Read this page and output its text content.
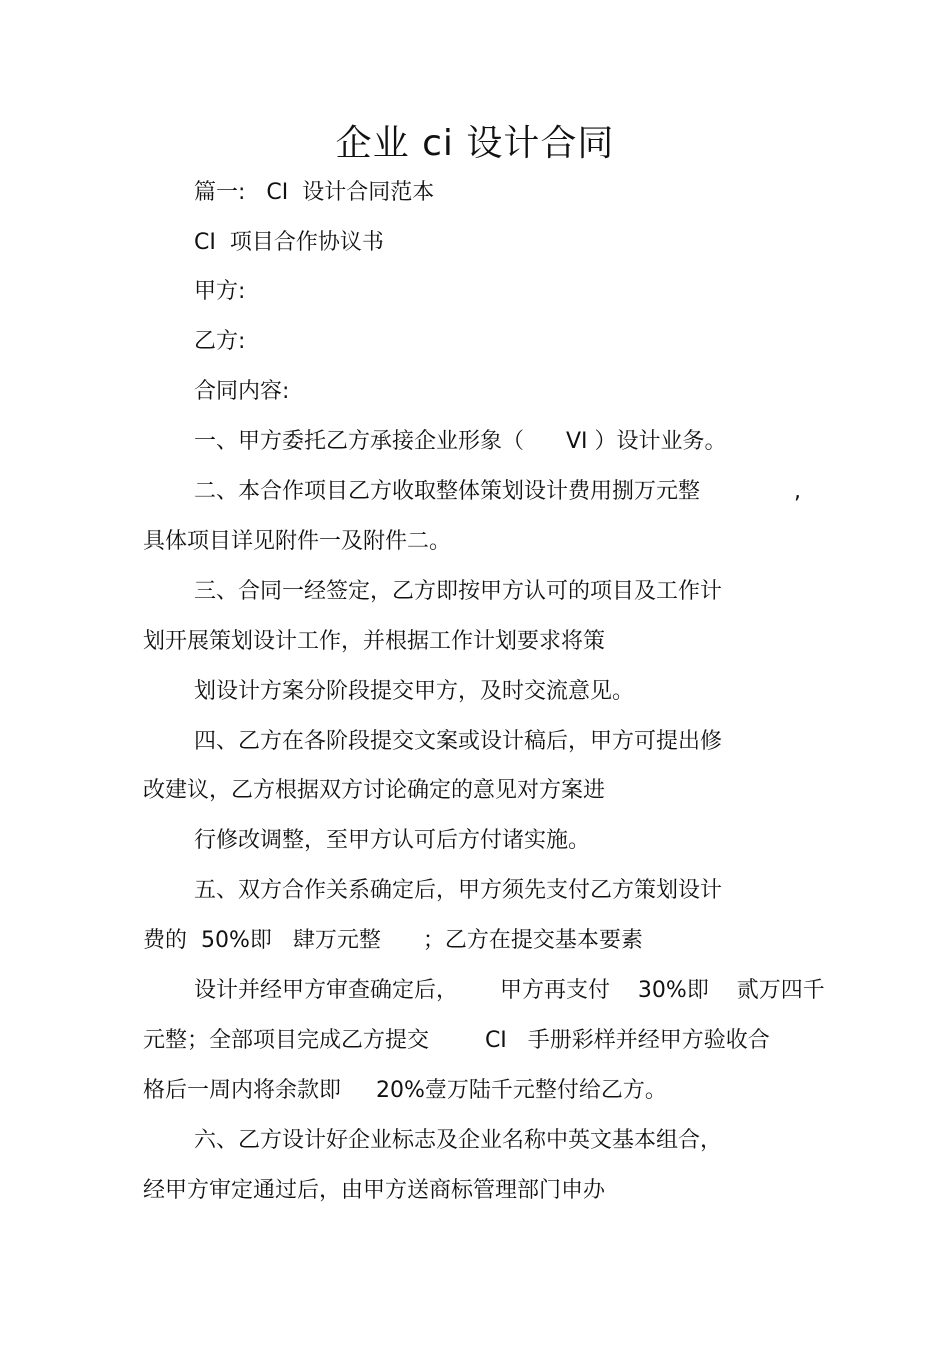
企业 ci 设计合同
篇一:   CI  设计合同范本
CI  项目合作协议书
甲方:
乙方:
合同内容:
一、甲方委托乙方承接企业形象（      VI ）设计业务。
二、本合作项目乙方收取整体策划设计费用捌万元整	,
具体项目详见附件一及附件二。
三、合同一经签定，乙方即按甲方认可的项目及工作计
划开展策划设计工作，并根据工作计划要求将策
划设计方案分阶段提交甲方，及时交流意见。
四、乙方在各阶段提交文案或设计稿后，甲方可提出修
改建议，乙方根据双方讨论确定的意见对方案进
行修改调整，至甲方认可后方付诸实施。
五、双方合作关系确定后，甲方须先支付乙方策划设计
费的  50%即   肆万元整      ；乙方在提交基本要素
设计并经甲方审查确定后，      甲方再支付    30%即    贰万四千
元整；全部项目完成乙方提交        CI   手册彩样并经甲方验收合
格后一周内将余款即     20%壹万陆千元整付给乙方。
六、乙方设计好企业标志及企业名称中英文基本组合，
经甲方审定通过后，由甲方送商标管理部门申办
